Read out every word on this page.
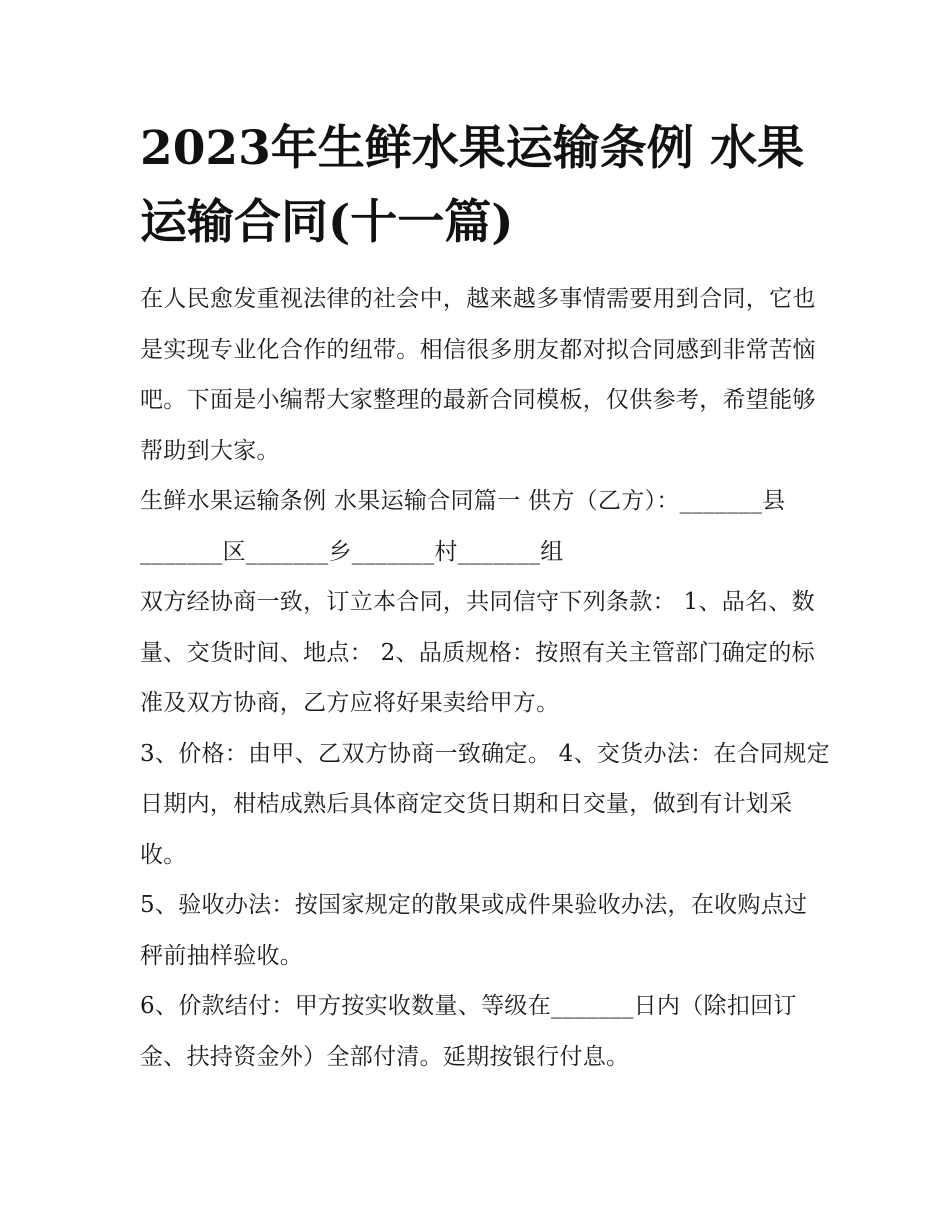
2023年生鲜水果运输条例 水果运输合同(十一篇)

在人民愈发重视法律的社会中，越来越多事情需要用到合同，它也是实现专业化合作的纽带。相信很多朋友都对拟合同感到非常苦恼吧。下面是小编帮大家整理的最新合同模板，仅供参考，希望能够帮助到大家。

生鲜水果运输条例 水果运输合同篇一 供方（乙方）：_______县_______区_______乡_______村_______组

双方经协商一致，订立本合同，共同信守下列条款： 1、品名、数量、交货时间、地点： 2、品质规格：按照有关主管部门确定的标准及双方协商，乙方应将好果卖给甲方。

3、价格：由甲、乙双方协商一致确定。 4、交货办法：在合同规定日期内，柑桔成熟后具体商定交货日期和日交量，做到有计划采收。

5、验收办法：按国家规定的散果或成件果验收办法，在收购点过秤前抽样验收。

6、价款结付：甲方按实收数量、等级在_______日内（除扣回订金、扶持资金外）全部付清。延期按银行付息。
